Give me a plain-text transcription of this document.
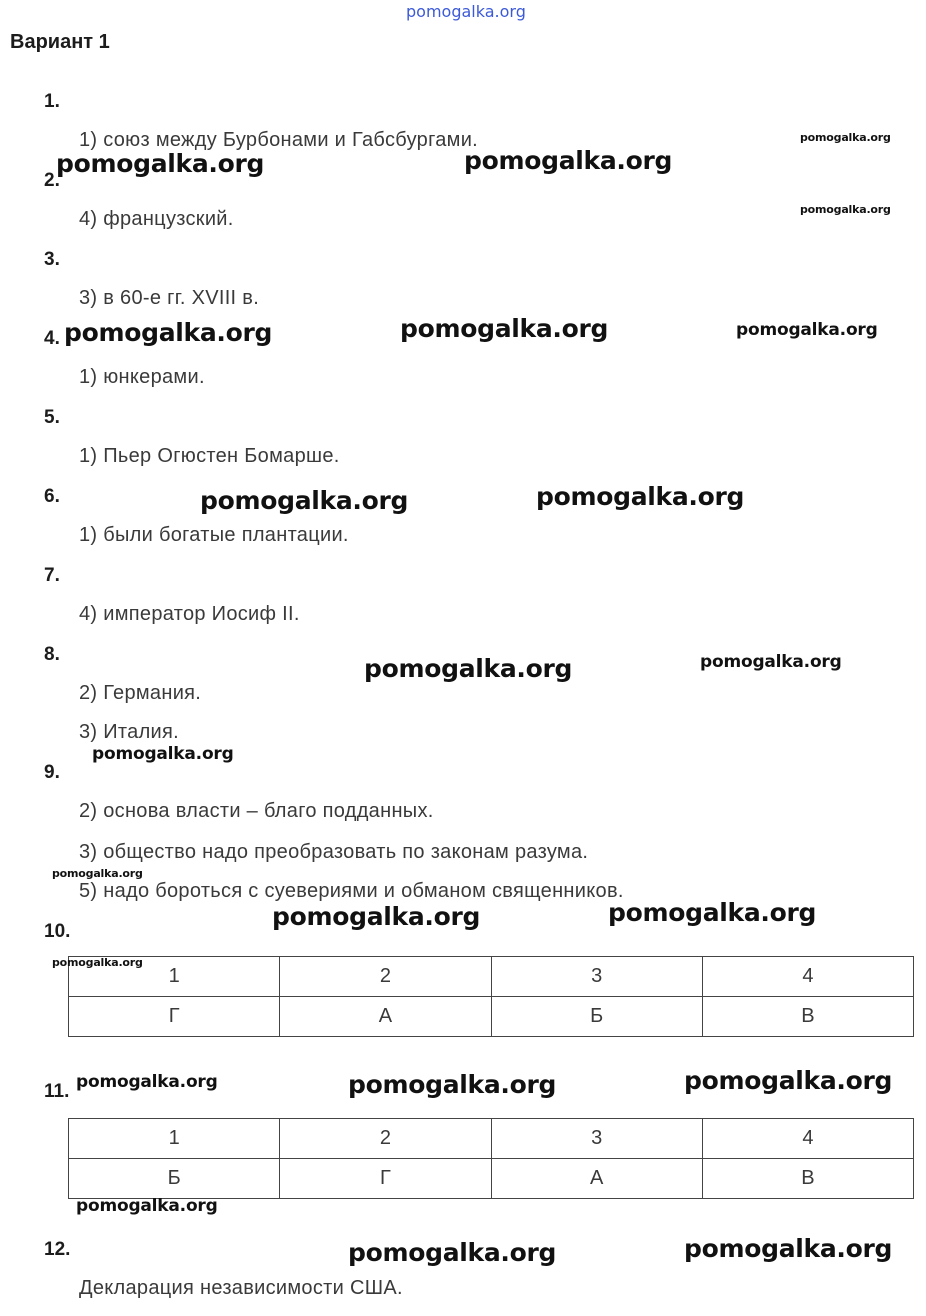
pomogalka.org
Вариант 1
1.
1) союз между Бурбонами и Габсбургами.
2.
4) французский.
3.
3) в 60-е гг. XVIII в.
4.
1) юнкерами.
5.
1) Пьер Огюстен Бомарше.
6.
1) были богатые плантации.
7.
4) император Иосиф II.
8.
2) Германия.
3) Италия.
9.
2) основа власти – благо подданных.
3) общество надо преобразовать по законам разума.
5) надо бороться с суевериями и обманом священников.
10.
1	2	3	4
Г	А	Б	В
11.
1	2	3	4
Б	Г	А	В
12.
Декларация независимости США.
pomogalka.org
pomogalka.org	pomogalka.org
pomogalka.org
pomogalka.org	pomogalka.org	pomogalka.org
pomogalka.org	pomogalka.org
pomogalka.org	pomogalka.org
pomogalka.org
pomogalka.org
pomogalka.org	pomogalka.org
pomogalka.org
pomogalka.org	pomogalka.org	pomogalka.org
pomogalka.org
pomogalka.org	pomogalka.org
